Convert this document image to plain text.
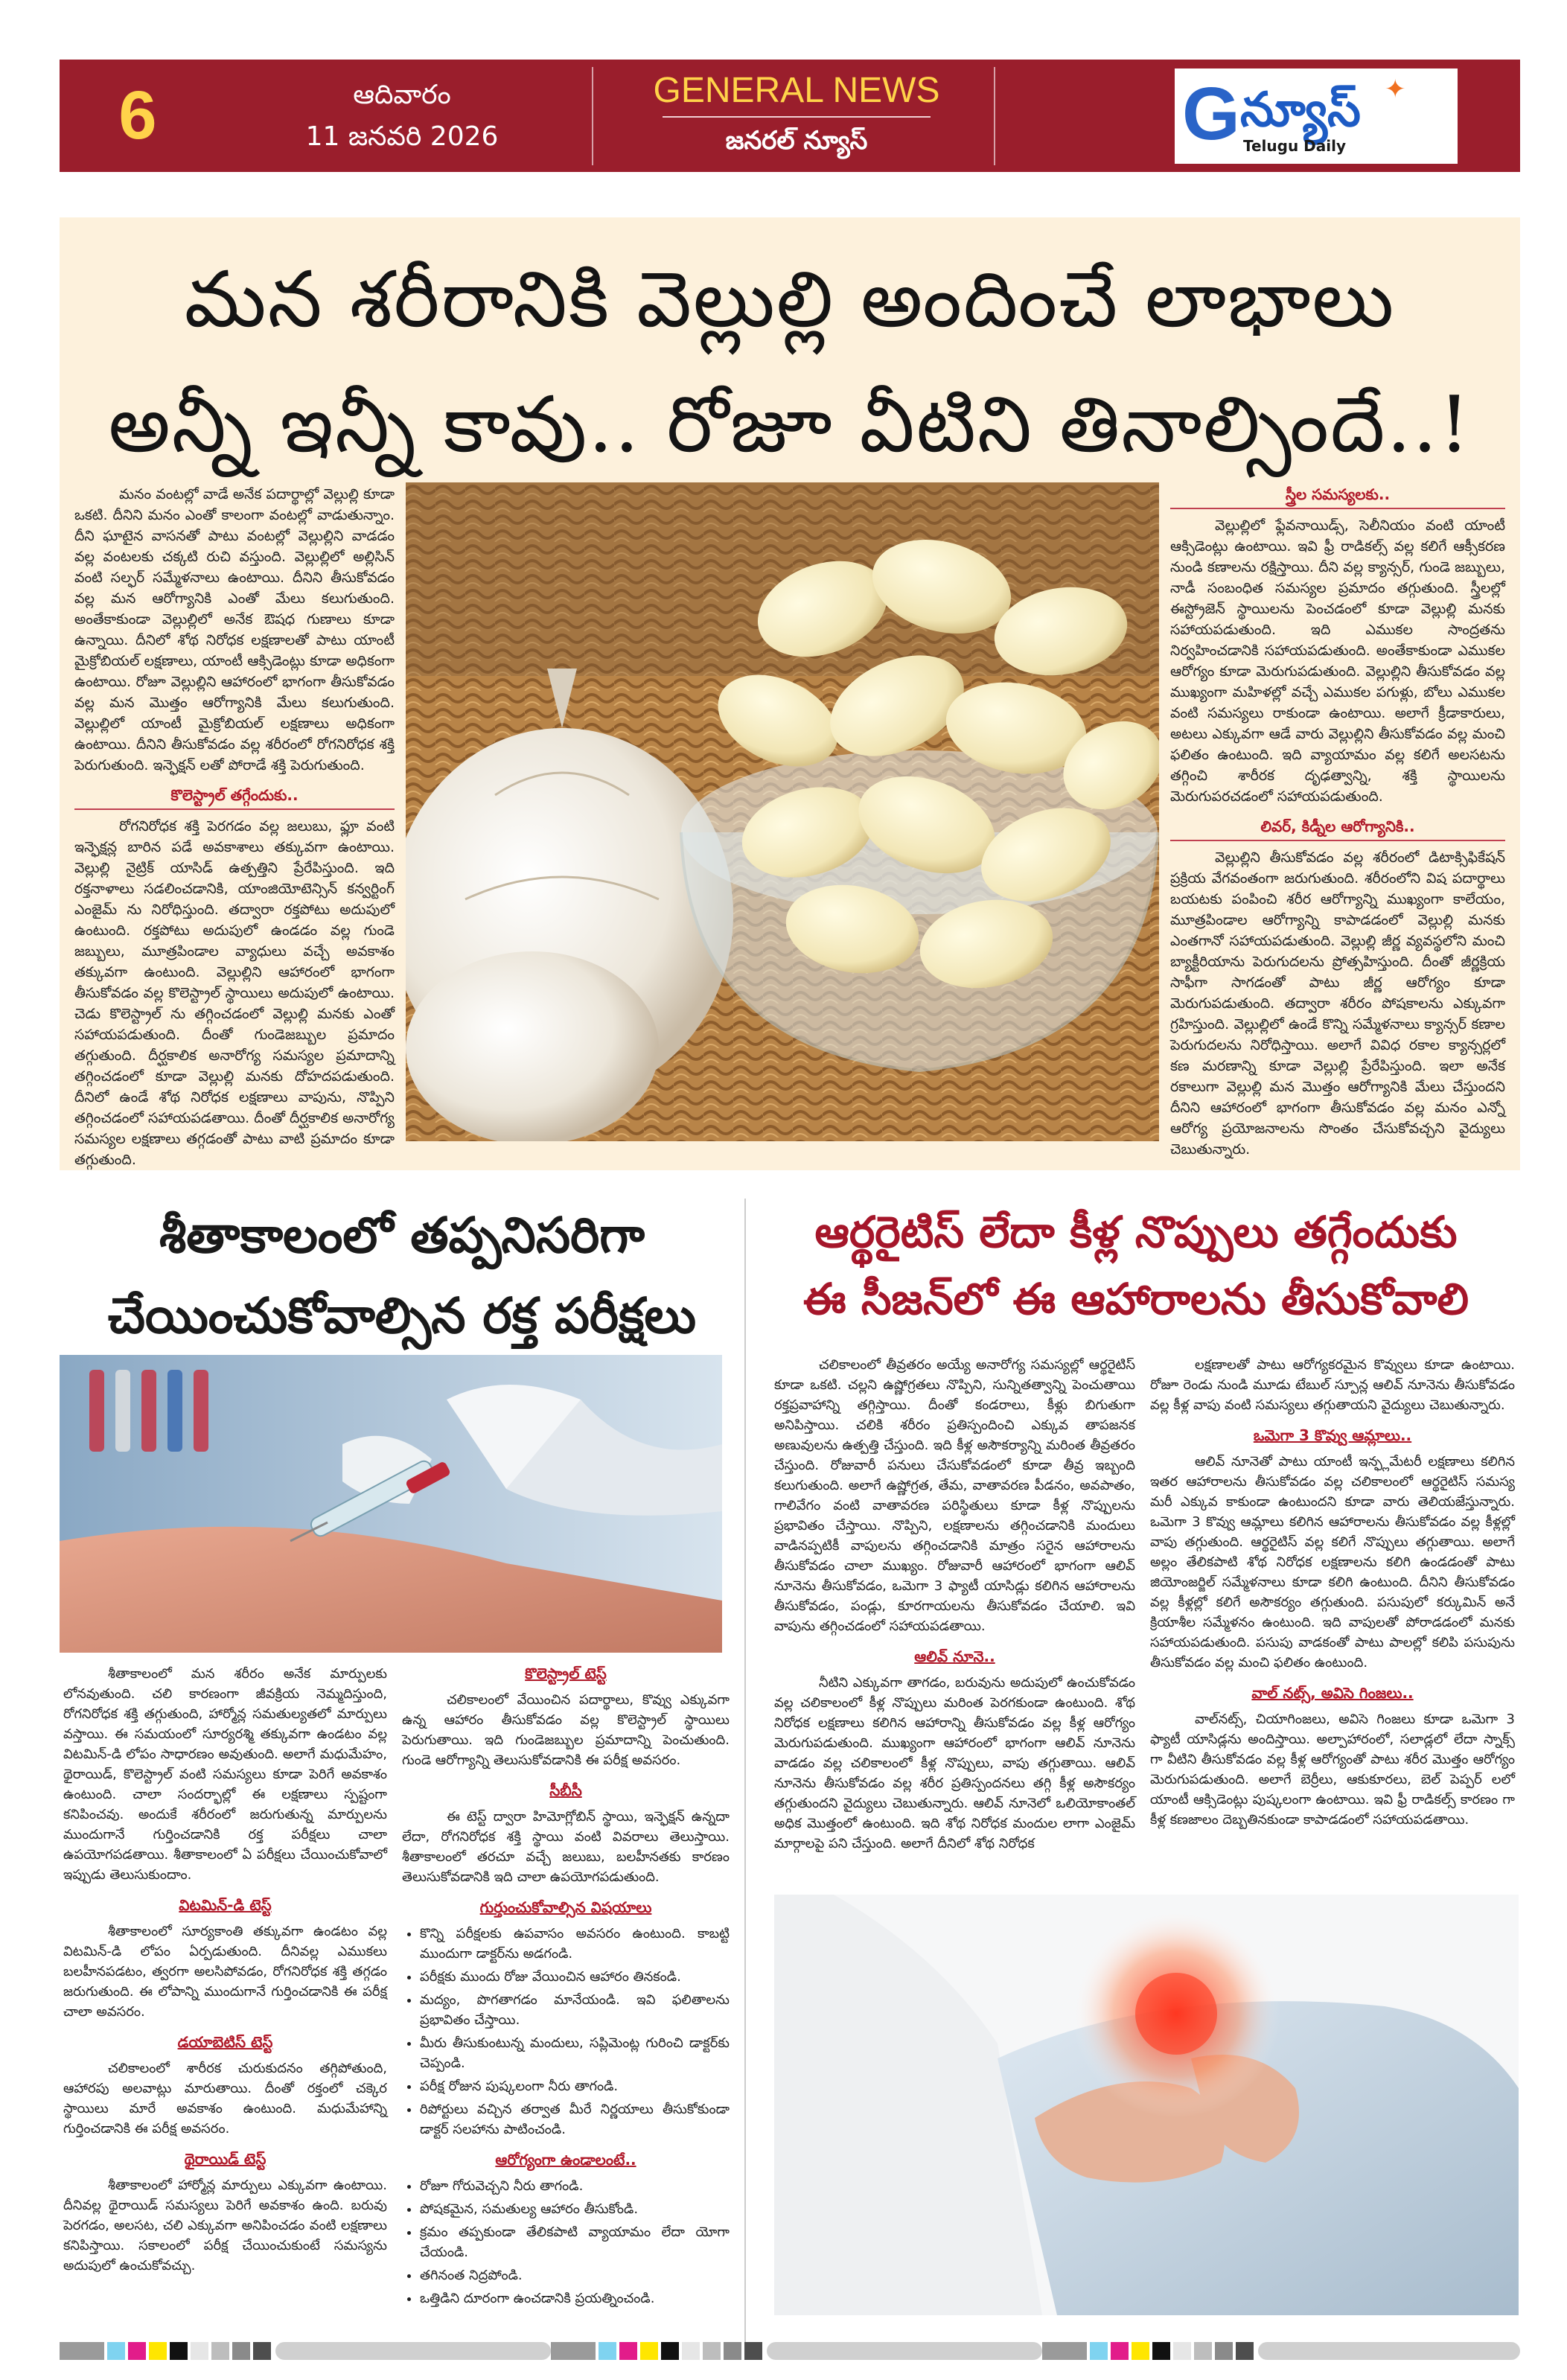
6	ఆదివారం
11 జనవరి 2026
GENERAL NEWS
జనరల్ న్యూస్	G న్యూస్ ✦
Telugu Daily
మన శరీరానికి వెల్లుల్లి అందించే లాభాలు
అన్నీ ఇన్నీ కావు.. రోజూ వీటిని తినాల్సిందే..!

మనం వంటల్లో వాడే అనేక పదార్థాల్లో వెల్లుల్లి కూడా ఒకటి. దీనిని మనం ఎంతో కాలంగా వంటల్లో వాడుతున్నాం. దీని ఘాటైన వాసనతో పాటు వంటల్లో వెల్లుల్లిని వాడడం వల్ల వంటలకు చక్కటి రుచి వస్తుంది. వెల్లుల్లిలో అల్లిసిన్ వంటి సల్ఫర్ సమ్మేళనాలు ఉంటాయి. దీనిని తీసుకోవడం వల్ల మన ఆరోగ్యానికి ఎంతో మేలు కలుగుతుంది. అంతేకాకుండా వెల్లుల్లిలో అనేక ఔషధ గుణాలు కూడా ఉన్నాయి. దీనిలో శోథ నిరోధక లక్షణాలతో పాటు యాంటీ మైక్రోబియల్ లక్షణాలు, యాంటీ ఆక్సిడెంట్లు కూడా అధికంగా ఉంటాయి. రోజూ వెల్లుల్లిని ఆహారంలో భాగంగా తీసుకోవడం వల్ల మన మొత్తం ఆరోగ్యానికి మేలు కలుగుతుంది. వెల్లుల్లిలో యాంటీ మైక్రోబియల్ లక్షణాలు అధికంగా ఉంటాయి. దీనిని తీసుకోవడం వల్ల శరీరంలో రోగనిరోధక శక్తి పెరుగుతుంది. ఇన్ఫెక్షన్ లతో పోరాడే శక్తి పెరుగుతుంది.

కొలెస్ట్రాల్ తగ్గేందుకు..

రోగనిరోధక శక్తి పెరగడం వల్ల జలుబు, ఫ్లూ వంటి ఇన్ఫెక్షన్ల బారిన పడే అవకాశాలు తక్కువగా ఉంటాయి. వెల్లుల్లి నైట్రిక్ యాసిడ్ ఉత్పత్తిని ప్రేరేపిస్తుంది. ఇది రక్తనాళాలు సడలించడానికి, యాంజియోటెన్సిన్ కన్వర్టింగ్ ఎంజైమ్ ను నిరోధిస్తుంది. తద్వారా రక్తపోటు అదుపులో ఉంటుంది. రక్తపోటు అదుపులో ఉండడం వల్ల గుండె జబ్బులు, మూత్రపిండాల వ్యాధులు వచ్చే అవకాశం తక్కువగా ఉంటుంది. వెల్లుల్లిని ఆహారంలో భాగంగా తీసుకోవడం వల్ల కొలెస్ట్రాల్ స్థాయిలు అదుపులో ఉంటాయి. చెడు కొలెస్ట్రాల్ ను తగ్గించడంలో వెల్లుల్లి మనకు ఎంతో సహాయపడుతుంది. దీంతో గుండెజబ్బుల ప్రమాదం తగ్గుతుంది. దీర్ఘకాలిక అనారోగ్య సమస్యల ప్రమాదాన్ని తగ్గించడంలో కూడా వెల్లుల్లి మనకు దోహదపడుతుంది. దీనిలో ఉండే శోథ నిరోధక లక్షణాలు వాపును, నొప్పిని తగ్గించడంలో సహాయపడతాయి. దీంతో దీర్ఘకాలిక అనారోగ్య సమస్యల లక్షణాలు తగ్గడంతో పాటు వాటి ప్రమాదం కూడా తగ్గుతుంది.

స్త్రీల సమస్యలకు..

వెల్లుల్లిలో ఫ్లేవనాయిడ్స్, సెలీనియం వంటి యాంటీ ఆక్సిడెంట్లు ఉంటాయి. ఇవి ఫ్రీ రాడికల్స్ వల్ల కలిగే ఆక్సీకరణ నుండి కణాలను రక్షిస్తాయి. దీని వల్ల క్యాన్సర్, గుండె జబ్బులు, నాడీ సంబంధిత సమస్యల ప్రమాదం తగ్గుతుంది. స్త్రీలల్లో ఈస్ట్రోజెన్ స్థాయిలను పెంచడంలో కూడా వెల్లుల్లి మనకు సహాయపడుతుంది. ఇది ఎముకల సాంద్రతను నిర్వహించడానికి సహాయపడుతుంది. అంతేకాకుండా ఎముకల ఆరోగ్యం కూడా మెరుగుపడుతుంది. వెల్లుల్లిని తీసుకోవడం వల్ల ముఖ్యంగా మహిళల్లో వచ్చే ఎముకల పగుళ్లు, బోలు ఎముకల వంటి సమస్యలు రాకుండా ఉంటాయి. అలాగే క్రీడాకారులు, అటలు ఎక్కువగా ఆడే వారు వెల్లుల్లిని తీసుకోవడం వల్ల మంచి ఫలితం ఉంటుంది. ఇది వ్యాయామం వల్ల కలిగే అలసటను తగ్గించి శారీరక దృఢత్వాన్ని, శక్తి స్థాయిలను మెరుగుపరచడంలో సహాయపడుతుంది.

లివర్, కిడ్నీల ఆరోగ్యానికి..

వెల్లుల్లిని తీసుకోవడం వల్ల శరీరంలో డిటాక్సిఫికేషన్ ప్రక్రియ వేగవంతంగా జరుగుతుంది. శరీరంలోని విష పదార్థాలు బయటకు పంపించి శరీర ఆరోగ్యాన్ని ముఖ్యంగా కాలేయం, మూత్రపిండాల ఆరోగ్యాన్ని కాపాడడంలో వెల్లుల్లి మనకు ఎంతగానో సహాయపడుతుంది. వెల్లుల్లి జీర్ణ వ్యవస్థలోని మంచి బ్యాక్టీరియాను పెరుగుదలను ప్రోత్సహిస్తుంది. దీంతో జీర్ణక్రియ సాఫీగా సాగడంతో పాటు జీర్ణ ఆరోగ్యం కూడా మెరుగుపడుతుంది. తద్వారా శరీరం పోషకాలను ఎక్కువగా గ్రహిస్తుంది. వెల్లుల్లిలో ఉండే కొన్ని సమ్మేళనాలు క్యాన్సర్ కణాల పెరుగుదలను నిరోధిస్తాయి. అలాగే వివిధ రకాల క్యాన్సర్లలో కణ మరణాన్ని కూడా వెల్లుల్లి ప్రేరేపిస్తుంది. ఇలా అనేక రకాలుగా వెల్లుల్లి మన మొత్తం ఆరోగ్యానికి మేలు చేస్తుందని దీనిని ఆహారంలో భాగంగా తీసుకోవడం వల్ల మనం ఎన్నో ఆరోగ్య ప్రయోజనాలను సొంతం చేసుకోవచ్చని వైద్యులు చెబుతున్నారు.

శీతాకాలంలో తప్పనిసరిగా
చేయించుకోవాల్సిన రక్త పరీక్షలు

శీతాకాలంలో మన శరీరం అనేక మార్పులకు లోనవుతుంది. చలి కారణంగా జీవక్రియ నెమ్మదిస్తుంది, రోగనిరోధక శక్తి తగ్గుతుంది, హార్మోన్ల సమతుల్యతలో మార్పులు వస్తాయి. ఈ సమయంలో సూర్యరశ్మి తక్కువగా ఉండటం వల్ల విటమిన్-డి లోపం సాధారణం అవుతుంది. అలాగే మధుమేహం, థైరాయిడ్, కొలెస్ట్రాల్ వంటి సమస్యలు కూడా పెరిగే అవకాశం ఉంటుంది. చాలా సందర్భాల్లో ఈ లక్షణాలు స్పష్టంగా కనిపించవు. అందుకే శరీరంలో జరుగుతున్న మార్పులను ముందుగానే గుర్తించడానికి రక్త పరీక్షలు చాలా ఉపయోగపడతాయి. శీతాకాలంలో ఏ పరీక్షలు చేయించుకోవాలో ఇప్పుడు తెలుసుకుందాం.

విటమిన్-డి టెస్ట్

శీతాకాలంలో సూర్యకాంతి తక్కువగా ఉండటం వల్ల విటమిన్-డి లోపం ఏర్పడుతుంది. దీనివల్ల ఎముకలు బలహీనపడటం, త్వరగా అలసిపోవడం, రోగనిరోధక శక్తి తగ్గడం జరుగుతుంది. ఈ లోపాన్ని ముందుగానే గుర్తించడానికి ఈ పరీక్ష చాలా అవసరం.

డయాబెటిస్ టెస్ట్

చలికాలంలో శారీరక చురుకుదనం తగ్గిపోతుంది, ఆహారపు అలవాట్లు మారుతాయి. దీంతో రక్తంలో చక్కెర స్థాయిలు మారే అవకాశం ఉంటుంది. మధుమేహాన్ని గుర్తించడానికి ఈ పరీక్ష అవసరం.

థైరాయిడ్ టెస్ట్

శీతాకాలంలో హార్మోన్ల మార్పులు ఎక్కువగా ఉంటాయి. దీనివల్ల థైరాయిడ్ సమస్యలు పెరిగే అవకాశం ఉంది. బరువు పెరగడం, అలసట, చలి ఎక్కువగా అనిపించడం వంటి లక్షణాలు కనిపిస్తాయి. సకాలంలో పరీక్ష చేయించుకుంటే సమస్యను అదుపులో ఉంచుకోవచ్చు.

కొలెస్ట్రాల్ టెస్ట్

చలికాలంలో వేయించిన పదార్థాలు, కొవ్వు ఎక్కువగా ఉన్న ఆహారం తీసుకోవడం వల్ల కొలెస్ట్రాల్ స్థాయిలు పెరుగుతాయి. ఇది గుండెజబ్బుల ప్రమాదాన్ని పెంచుతుంది. గుండె ఆరోగ్యాన్ని తెలుసుకోవడానికి ఈ పరీక్ష అవసరం.

సీబీసీ

ఈ టెస్ట్ ద్వారా హిమోగ్లోబిన్ స్థాయి, ఇన్ఫెక్షన్ ఉన్నదా లేదా, రోగనిరోధక శక్తి స్థాయి వంటి వివరాలు తెలుస్తాయి. శీతాకాలంలో తరచూ వచ్చే జలుబు, బలహీనతకు కారణం తెలుసుకోవడానికి ఇది చాలా ఉపయోగపడుతుంది.

గుర్తుంచుకోవాల్సిన విషయాలు
• కొన్ని పరీక్షలకు ఉపవాసం అవసరం ఉంటుంది. కాబట్టి ముందుగా డాక్టర్‌ను అడగండి.
• పరీక్షకు ముందు రోజు వేయించిన ఆహారం తినకండి.
• మద్యం, పొగతాగడం మానేయండి. ఇవి ఫలితాలను ప్రభావితం చేస్తాయి.
• మీరు తీసుకుంటున్న మందులు, సప్లిమెంట్ల గురించి డాక్టర్‌కు చెప్పండి.
• పరీక్ష రోజున పుష్కలంగా నీరు తాగండి.
• రిపోర్టులు వచ్చిన తర్వాత మీరే నిర్ణయాలు తీసుకోకుండా డాక్టర్ సలహాను పాటించండి.
ఆరోగ్యంగా ఉండాలంటే..
• రోజూ గోరువెచ్చని నీరు తాగండి.
• పోషకమైన, సమతుల్య ఆహారం తీసుకోండి.
• క్రమం తప్పకుండా తేలికపాటి వ్యాయామం లేదా యోగా చేయండి.
• తగినంత నిద్రపోండి.
• ఒత్తిడిని దూరంగా ఉంచడానికి ప్రయత్నించండి.
ఆర్థరైటిస్ లేదా కీళ్ల నొప్పులు తగ్గేందుకు
ఈ సీజన్‌లో ఈ ఆహారాలను తీసుకోవాలి

చలికాలంలో తీవ్రతరం అయ్యే అనారోగ్య సమస్యల్లో ఆర్థరైటిస్ కూడా ఒకటి. చల్లని ఉష్ణోగ్రతలు నొప్పిని, సున్నితత్వాన్ని పెంచుతాయి రక్తప్రవాహాన్ని తగ్గిస్తాయి. దీంతో కండరాలు, కీళ్లు బిగుతుగా అనిపిస్తాయి. చలికి శరీరం ప్రతిస్పందించి ఎక్కువ తాపజనక అణువులను ఉత్పత్తి చేస్తుంది. ఇది కీళ్ల అసౌకర్యాన్ని మరింత తీవ్రతరం చేస్తుంది. రోజువారీ పనులు చేసుకోవడంలో కూడా తీవ్ర ఇబ్బంది కలుగుతుంది. అలాగే ఉష్ణోగ్రత, తేమ, వాతావరణ పీడనం, అవపాతం, గాలివేగం వంటి వాతావరణ పరిస్థితులు కూడా కీళ్ల నొప్పులను ప్రభావితం చేస్తాయి. నొప్పిని, లక్షణాలను తగ్గించడానికి మందులు వాడినప్పటికీ వాపులను తగ్గించడానికి మాత్రం సరైన ఆహారాలను తీసుకోవడం చాలా ముఖ్యం. రోజువారీ ఆహారంలో భాగంగా ఆలివ్ నూనెను తీసుకోవడం, ఒమెగా 3 ఫ్యాటీ యాసిడ్లు కలిగిన ఆహారాలను తీసుకోవడం, పండ్లు, కూరగాయలను తీసుకోవడం చేయాలి. ఇవి వాపును తగ్గించడంలో సహాయపడతాయి.

ఆలివ్ నూనె..

నీటిని ఎక్కువగా తాగడం, బరువును అదుపులో ఉంచుకోవడం వల్ల చలికాలంలో కీళ్ల నొప్పులు మరింత పెరగకుండా ఉంటుంది. శోథ నిరోధక లక్షణాలు కలిగిన ఆహారాన్ని తీసుకోవడం వల్ల కీళ్ల ఆరోగ్యం మెరుగుపడుతుంది. ముఖ్యంగా ఆహారంలో భాగంగా ఆలివ్ నూనెను వాడడం వల్ల చలికాలంలో కీళ్ల నొప్పులు, వాపు తగ్గుతాయి. ఆలివ్ నూనెను తీసుకోవడం వల్ల శరీర ప్రతిస్పందనలు తగ్గి కీళ్ల అసౌకర్యం తగ్గుతుందని వైద్యులు చెబుతున్నారు. ఆలివ్ నూనెలో ఒలియోకాంతల్ అధిక మొత్తంలో ఉంటుంది. ఇది శోథ నిరోధక మందుల లాగా ఎంజైమ్ మార్గాలపై పని చేస్తుంది. అలాగే దీనిలో శోథ నిరోధక

లక్షణాలతో పాటు ఆరోగ్యకరమైన కొవ్వులు కూడా ఉంటాయి. రోజూ రెండు నుండి మూడు టేబుల్ స్పూన్ల ఆలివ్ నూనెను తీసుకోవడం వల్ల కీళ్ల వాపు వంటి సమస్యలు తగ్గుతాయని వైద్యులు చెబుతున్నారు.

ఒమెగా 3 కొవ్వు ఆమ్లాలు..

ఆలివ్ నూనెతో పాటు యాంటీ ఇన్ఫ్లమేటరీ లక్షణాలు కలిగిన ఇతర ఆహారాలను తీసుకోవడం వల్ల చలికాలంలో ఆర్థరైటిస్ సమస్య మరీ ఎక్కువ కాకుండా ఉంటుందని కూడా వారు తెలియజేస్తున్నారు. ఒమెగా 3 కొవ్వు ఆమ్లాలు కలిగిన ఆహారాలను తీసుకోవడం వల్ల కీళ్లల్లో వాపు తగ్గుతుంది. ఆర్థరైటిస్ వల్ల కలిగే నొప్పులు తగ్గుతాయి. అలాగే అల్లం తేలికపాటి శోథ నిరోధక లక్షణాలను కలిగి ఉండడంతో పాటు జియోంజర్జిల్ సమ్మేళనాలు కూడా కలిగి ఉంటుంది. దీనిని తీసుకోవడం వల్ల కీళ్లల్లో కలిగే అసౌకర్యం తగ్గుతుంది. పసుపులో కర్కుమిన్ అనే క్రియాశీల సమ్మేళనం ఉంటుంది. ఇది వాపులతో పోరాడడంలో మనకు సహాయపడుతుంది. పసుపు వాడకంతో పాటు పాలల్లో కలిపి పసుపును తీసుకోవడం వల్ల మంచి ఫలితం ఉంటుంది.

వాల్ నట్స్, అవిసె గింజలు..

వాల్‌నట్స్, చియాగింజలు, అవిసె గింజలు కూడా ఒమెగా 3 ఫ్యాటీ యాసిడ్లను అందిస్తాయి. అల్పాహారంలో, సలాడ్లలో లేదా స్నాక్స్ గా వీటిని తీసుకోవడం వల్ల కీళ్ల ఆరోగ్యంతో పాటు శరీర మొత్తం ఆరోగ్యం మెరుగుపడుతుంది. అలాగే బెర్రీలు, ఆకుకూరలు, బెల్ పెప్పర్ లలో యాంటీ ఆక్సిడెంట్లు పుష్కలంగా ఉంటాయి. ఇవి ఫ్రీ రాడికల్స్ కారణం గా కీళ్ల కణజాలం దెబ్బతినకుండా కాపాడడంలో సహాయపడతాయి.
